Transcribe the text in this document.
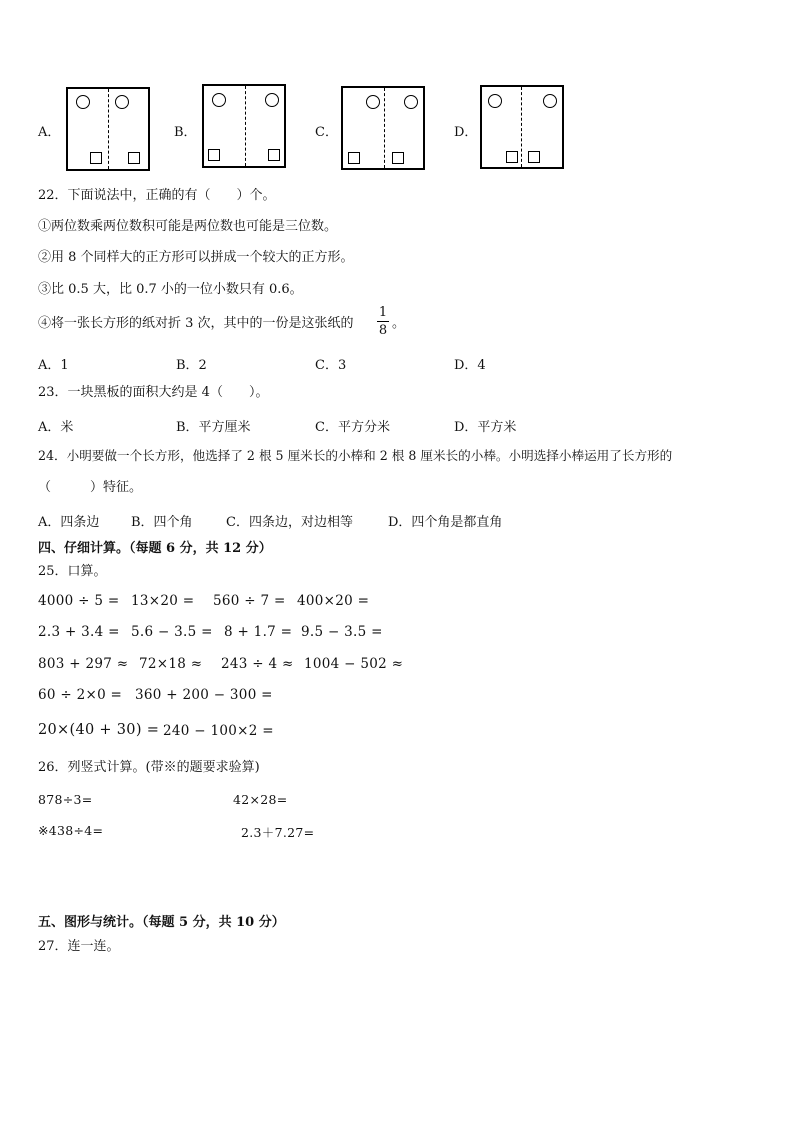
A．	B．	C．	D．
22．下面说法中，正确的有（　　）个。
①两位数乘两位数积可能是两位数也可能是三位数。
②用 8 个同样大的正方形可以拼成一个较大的正方形。
③比 0.5 大，比 0.7 小的一位小数只有 0.6。
④将一张长方形的纸对折 3 次，其中的一份是这张纸的
1
8 。
A．1	B．2	C．3	D．4
23．一块黑板的面积大约是 4（　　）。
A．米	B．平方厘米	C．平方分米	D．平方米
24．小明要做一个长方形，他选择了 2 根 5 厘米长的小棒和 2 根 8 厘米长的小棒。小明选择小棒运用了长方形的
（　　　）特征。
A．四条边 B．四个角	C．四条边，对边相等	D．四个角是都直角
四、仔细计算。（每题 6 分，共 12 分）
25．口算。
4000 ÷ 5 = 13×20 = 560 ÷ 7 = 400×20 =
2.3 + 3.4 = 5.6 − 3.5 = 8 + 1.7 = 9.5 − 3.5 =
803 + 297 ≈ 72×18 ≈ 243 ÷ 4 ≈ 1004 − 502 ≈
60 ÷ 2×0 = 360 + 200 − 300 =
20×(40 + 30) = 240 − 100×2 =
26．列竖式计算。(带※的题要求验算)
878÷3=	42×28=
※438÷4=	2.3＋7.27=
五、图形与统计。（每题 5 分，共 10 分）
27．连一连。
